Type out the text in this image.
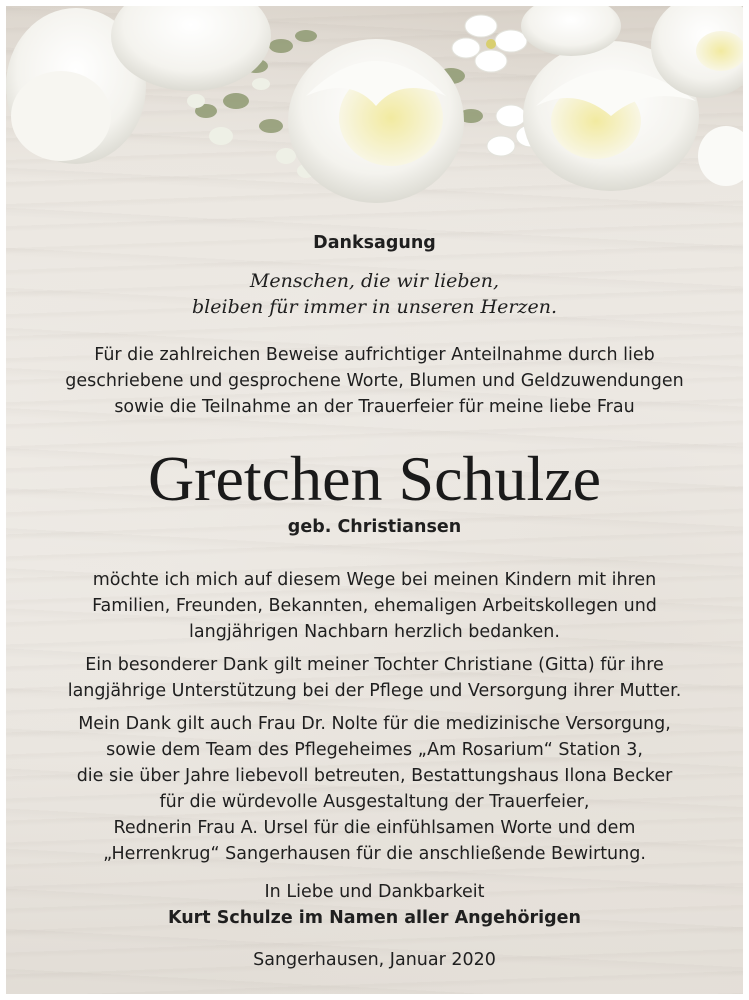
Danksagung
Menschen, die wir lieben,
bleiben für immer in unseren Herzen.
Für die zahlreichen Beweise aufrichtiger Anteilnahme durch lieb
geschriebene und gesprochene Worte, Blumen und Geldzuwendungen
sowie die Teilnahme an der Trauerfeier für meine liebe Frau
Gretchen Schulze
geb. Christiansen
möchte ich mich auf diesem Wege bei meinen Kindern mit ihren
Familien, Freunden, Bekannten, ehemaligen Arbeitskollegen und
langjährigen Nachbarn herzlich bedanken.
Ein besonderer Dank gilt meiner Tochter Christiane (Gitta) für ihre
langjährige Unterstützung bei der Pflege und Versorgung ihrer Mutter.
Mein Dank gilt auch Frau Dr. Nolte für die medizinische Versorgung,
sowie dem Team des Pflegeheimes „Am Rosarium“ Station 3,
die sie über Jahre liebevoll betreuten, Bestattungshaus Ilona Becker
für die würdevolle Ausgestaltung der Trauerfeier,
Rednerin Frau A. Ursel für die einfühlsamen Worte und dem
„Herrenkrug“ Sangerhausen für die anschließende Bewirtung.
In Liebe und Dankbarkeit
Kurt Schulze im Namen aller Angehörigen
Sangerhausen, Januar 2020
